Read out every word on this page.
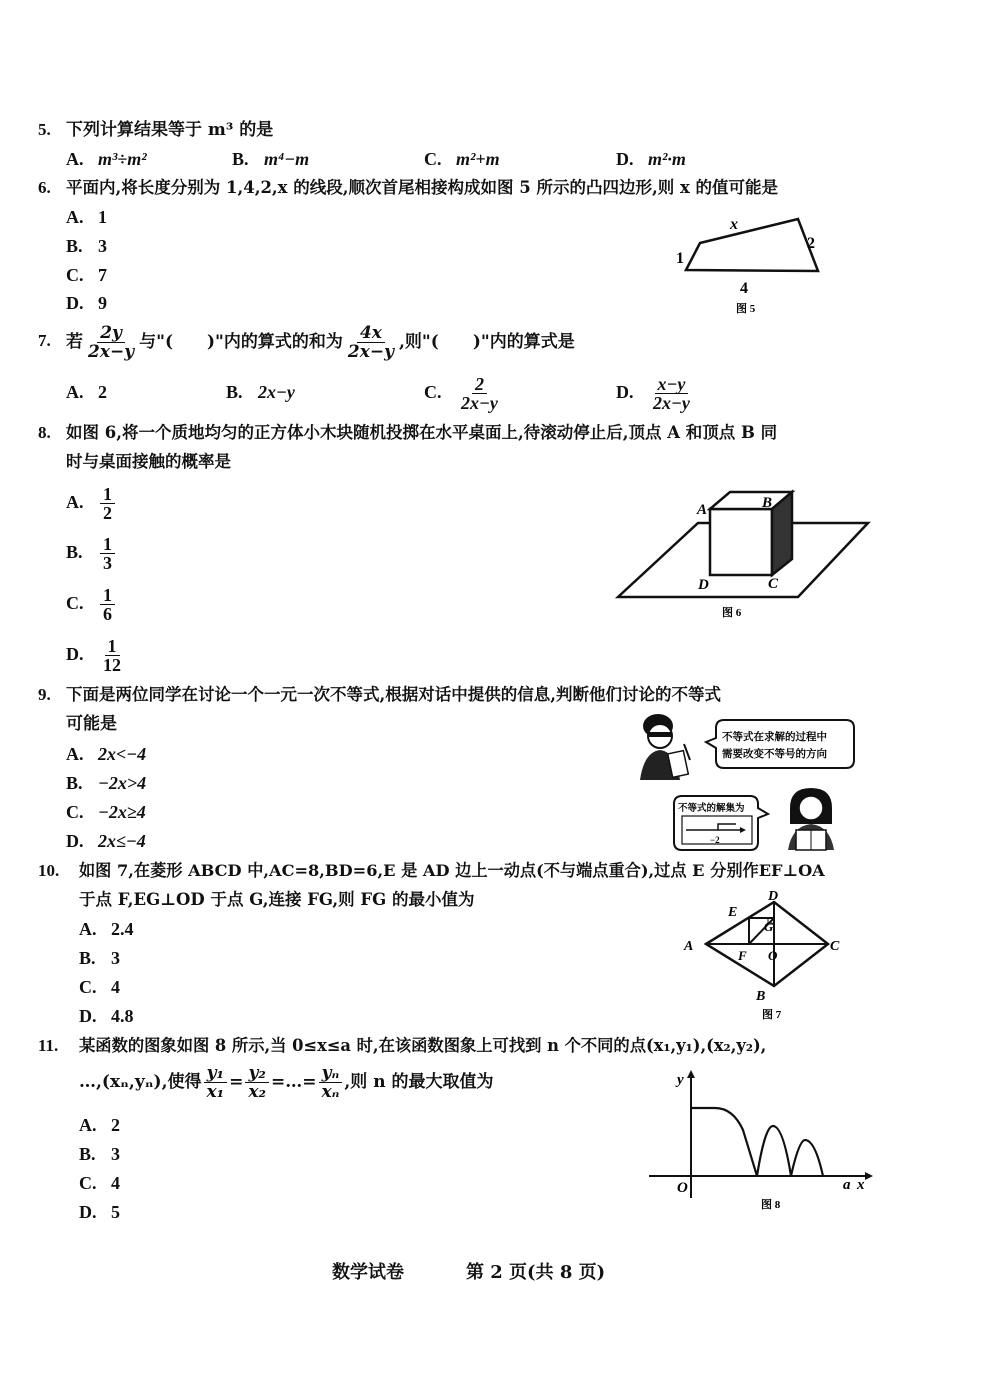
5. 下列计算结果等于 m³ 的是
A. m³÷m²	B. m⁴−m	C. m²+m	D. m²·m
6. 平面内,将长度分别为 1,4,2,x 的线段,顺次首尾相接构成如图 5 所示的凸四边形,则 x 的值可能是
A. 1
B. 3
C. 7
D. 9
x
1
2
4
图 5
7. 若 $\frac{2y}{2x-y}$ 与"(　　)"内的算式的和为 $\frac{4x}{2x-y}$ ,则"(　　)"内的算式是
A. 2	B. 2x−y	C. $\frac{2}{2x-y}$	D. $\frac{x-y}{2x-y}$
8. 如图 6,将一个质地均匀的正方体小木块随机投掷在水平桌面上,待滚动停止后,顶点 A 和顶点 B 同
时与桌面接触的概率是
A. $\frac{1}{2}$
B. $\frac{1}{3}$
C. $\frac{1}{6}$
D. $\frac{1}{12}$
A	B
C
D
图 6
9. 下面是两位同学在讨论一个一元一次不等式,根据对话中提供的信息,判断他们讨论的不等式
可能是
A. 2x<−4
B. −2x>4
C. −2x≥4
D. 2x≤−4
不等式在求解的过程中
需要改变不等号的方向
不等式的解集为
−2
10. 如图 7,在菱形 ABCD 中,AC=8,BD=6,E 是 AD 边上一动点(不与端点重合),过点 E 分别作EF⊥OA
于点 F,EG⊥OD 于点 G,连接 FG,则 FG 的最小值为
A. 2.4
B. 3
C. 4
D. 4.8
D
E
G
A
F O
C
B
图 7
11. 某函数的图象如图 8 所示,当 0≤x≤a 时,在该函数图象上可找到 n 个不同的点(x₁,y₁),(x₂,y₂),
…,(xₙ,yₙ),使得 $\frac{\text{y₁}}{\text{x₁}} = \frac{\text{y₂}}{\text{x₂}}$ =…= $\frac{\text{yₙ}}{\text{xₙ}}$ ,则 n 的最大取值为
A. 2
B. 3
C. 4
D. 5
y
O	a x
图 8
数学试卷	第 2 页(共 8 页)
